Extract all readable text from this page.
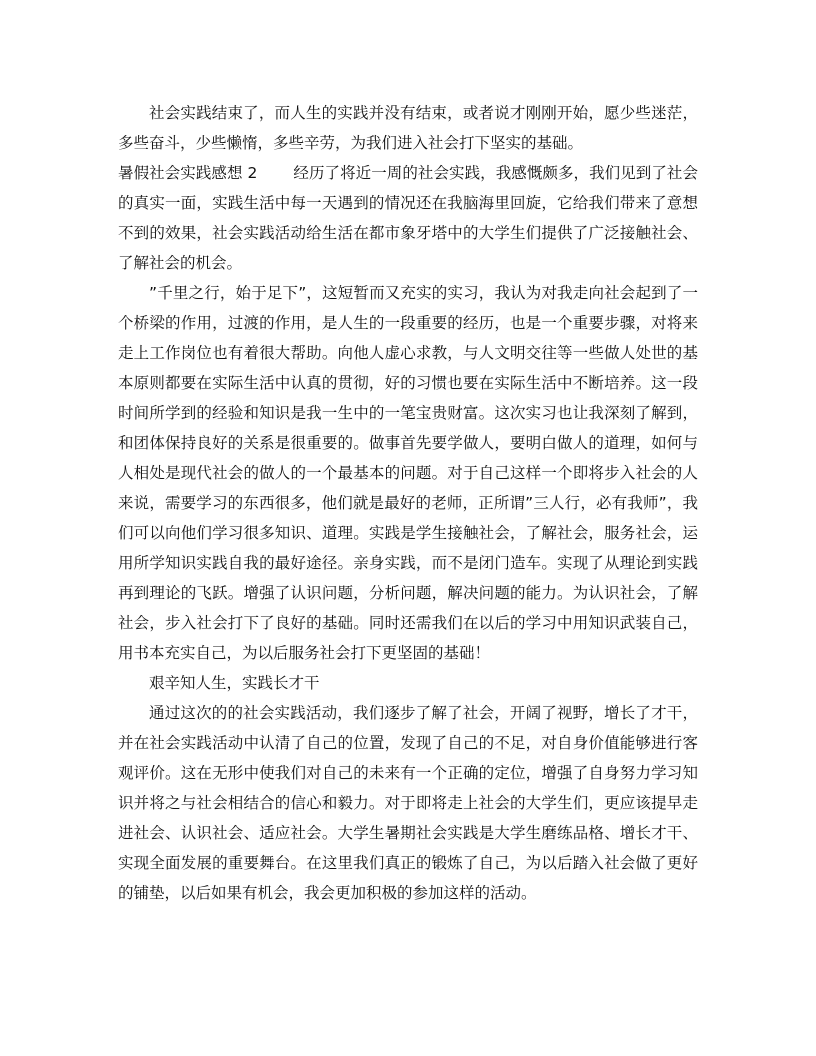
社会实践结束了，而人生的实践并没有结束，或者说才刚刚开始，愿少些迷茫，多些奋斗，少些懒惰，多些辛劳，为我们进入社会打下坚实的基础。

暑假社会实践感想 2 经历了将近一周的社会实践，我感慨颇多，我们见到了社会的真实一面，实践生活中每一天遇到的情况还在我脑海里回旋，它给我们带来了意想不到的效果，社会实践活动给生活在都市象牙塔中的大学生们提供了广泛接触社会、了解社会的机会。

”千里之行，始于足下”，这短暂而又充实的实习，我认为对我走向社会起到了一个桥梁的作用，过渡的作用，是人生的一段重要的经历，也是一个重要步骤，对将来走上工作岗位也有着很大帮助。向他人虚心求教，与人文明交往等一些做人处世的基本原则都要在实际生活中认真的贯彻，好的习惯也要在实际生活中不断培养。这一段时间所学到的经验和知识是我一生中的一笔宝贵财富。这次实习也让我深刻了解到，和团体保持良好的关系是很重要的。做事首先要学做人，要明白做人的道理，如何与人相处是现代社会的做人的一个最基本的问题。对于自己这样一个即将步入社会的人来说，需要学习的东西很多，他们就是最好的老师，正所谓”三人行，必有我师”，我们可以向他们学习很多知识、道理。实践是学生接触社会，了解社会，服务社会，运用所学知识实践自我的最好途径。亲身实践，而不是闭门造车。实现了从理论到实践再到理论的飞跃。增强了认识问题，分析问题，解决问题的能力。为认识社会，了解社会，步入社会打下了良好的基础。同时还需我们在以后的学习中用知识武装自己，用书本充实自己，为以后服务社会打下更坚固的基础！

艰辛知人生，实践长才干

通过这次的的社会实践活动，我们逐步了解了社会，开阔了视野，增长了才干，并在社会实践活动中认清了自己的位置，发现了自己的不足，对自身价值能够进行客观评价。这在无形中使我们对自己的未来有一个正确的定位，增强了自身努力学习知识并将之与社会相结合的信心和毅力。对于即将走上社会的大学生们，更应该提早走进社会、认识社会、适应社会。大学生暑期社会实践是大学生磨练品格、增长才干、实现全面发展的重要舞台。在这里我们真正的锻炼了自己，为以后踏入社会做了更好的铺垫，以后如果有机会，我会更加积极的参加这样的活动。
